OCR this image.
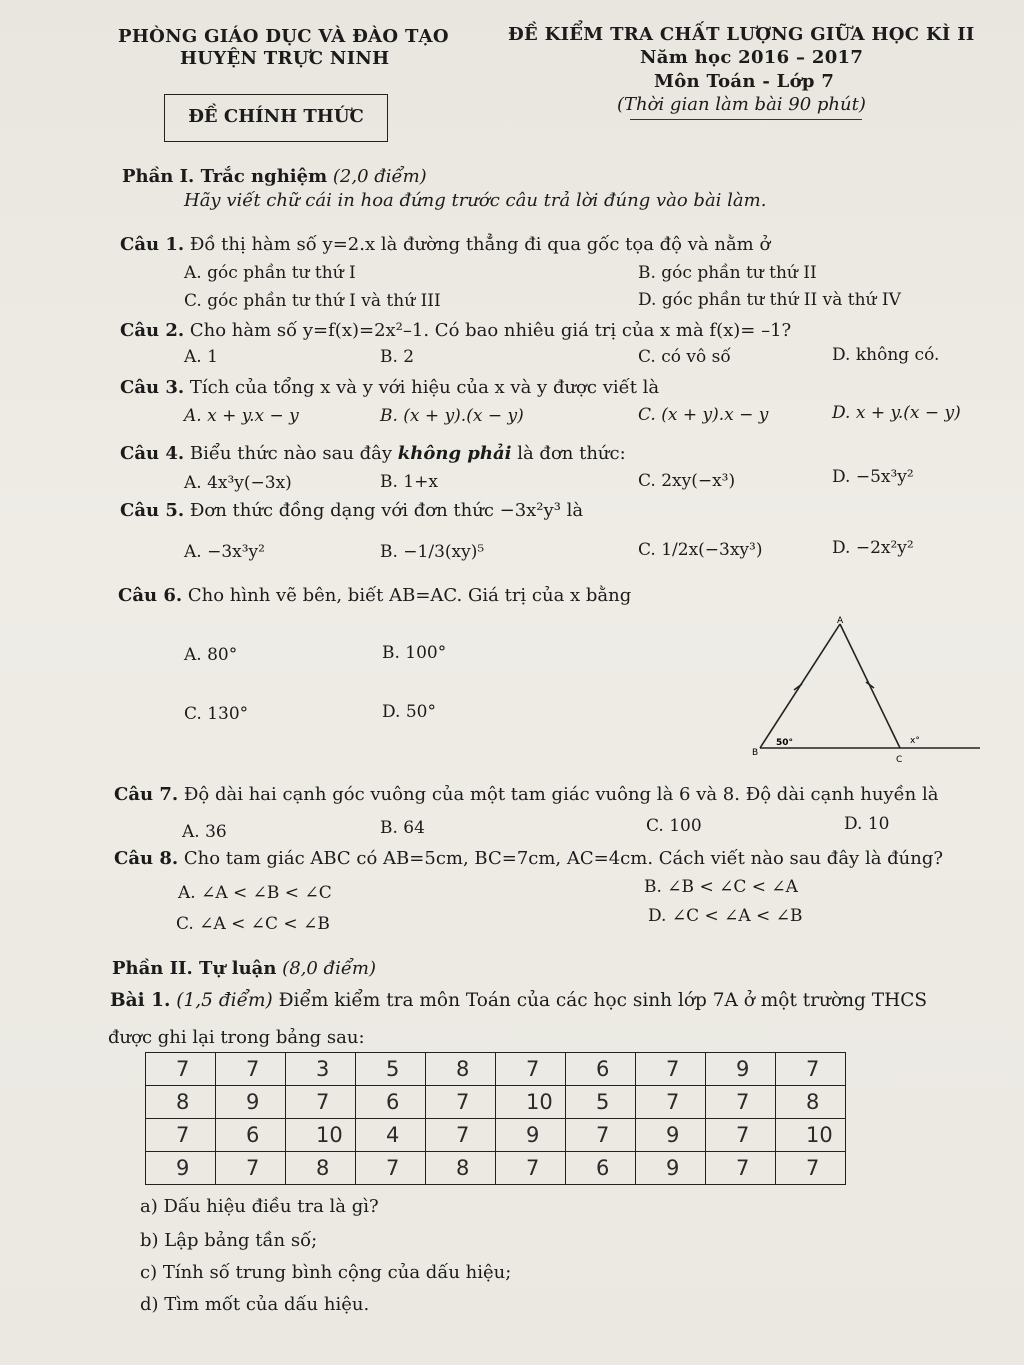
PHÒNG GIÁO DỤC VÀ ĐÀO TẠO
HUYỆN TRỰC NINH
ĐỀ CHÍNH THỨC
ĐỀ KIỂM TRA CHẤT LƯỢNG GIỮA HỌC KÌ II
Năm học 2016 – 2017
Môn Toán - Lớp 7
(Thời gian làm bài 90 phút)
Phần I. Trắc nghiệm (2,0 điểm)
Hãy viết chữ cái in hoa đứng trước câu trả lời đúng vào bài làm.
Câu 1. Đồ thị hàm số y=2.x là đường thẳng đi qua gốc tọa độ và nằm ở
A. góc phần tư thứ I	B. góc phần tư thứ II
C. góc phần tư thứ I và thứ III	D. góc phần tư thứ II và thứ IV
Câu 2. Cho hàm số y=f(x)=2x²–1. Có bao nhiêu giá trị của x mà f(x)= –1?
A. 1	B. 2	C. có vô số	D. không có.
Câu 3. Tích của tổng x và y với hiệu của x và y được viết là
A. x + y.x − y	B. (x + y).(x − y)	C. (x + y).x − y	D. x + y.(x − y)
Câu 4. Biểu thức nào sau đây không phải là đơn thức:
A. 4x³y(−3x)	B. 1+x	C. 2xy(−x³)	D. −5x³y²
Câu 5. Đơn thức đồng dạng với đơn thức −3x²y³ là
A. −3x³y²	B. −1/3(xy)⁵	C. 1/2x(−3xy³)	D. −2x²y²
Câu 6. Cho hình vẽ bên, biết AB=AC. Giá trị của x bằng
A. 80°	B. 100°
C. 130°	D. 50°
A
B
C
50°	x°
Câu 7. Độ dài hai cạnh góc vuông của một tam giác vuông là 6 và 8. Độ dài cạnh huyền là
A. 36	B. 64	C. 100	D. 10
Câu 8. Cho tam giác ABC có AB=5cm, BC=7cm, AC=4cm. Cách viết nào sau đây là đúng?
A. ∠A < ∠B < ∠C	B. ∠B < ∠C < ∠A
C. ∠A < ∠C < ∠B	D. ∠C < ∠A < ∠B
Phần II. Tự luận (8,0 điểm)
Bài 1. (1,5 điểm) Điểm kiểm tra môn Toán của các học sinh lớp 7A ở một trường THCS
được ghi lại trong bảng sau:
7	7	3	5	8	7	6	7	9	7
8	9	7	6	7	10	5	7	7	8
7	6	10	4	7	9	7	9	7	10
9	7	8	7	8	7	6	9	7	7
a) Dấu hiệu điều tra là gì?
b) Lập bảng tần số;
c) Tính số trung bình cộng của dấu hiệu;
d) Tìm mốt của dấu hiệu.
